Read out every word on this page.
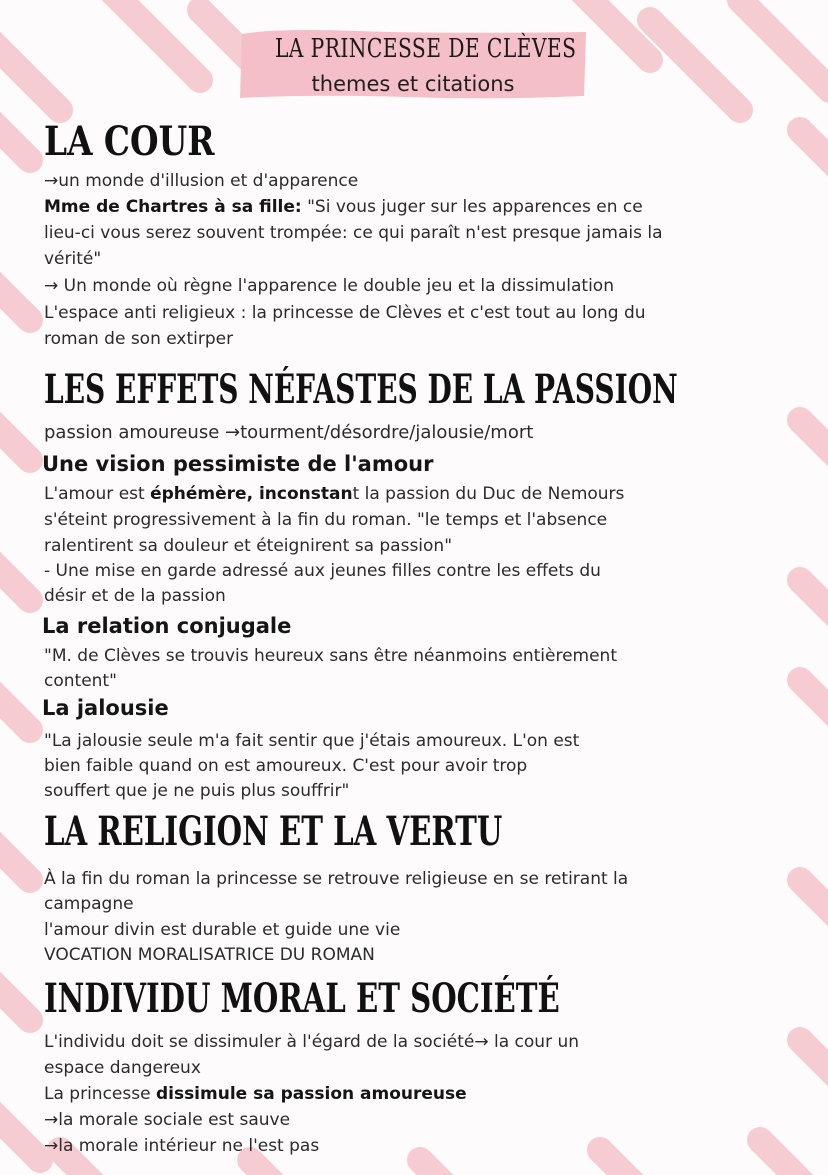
LA PRINCESSE DE CLÈVES
themes et citations
LA COUR
→un monde d'illusion et d'apparence
Mme de Chartres à sa fille: "Si vous juger sur les apparences en ce
lieu-ci vous serez souvent trompée: ce qui paraît n'est presque jamais la
vérité"
→ Un monde où règne l'apparence le double jeu et la dissimulation
L'espace anti religieux : la princesse de Clèves et c'est tout au long du
roman de son extirper
LES EFFETS NÉFASTES DE LA PASSION
passion amoureuse →tourment/désordre/jalousie/mort
Une vision pessimiste de l'amour
L'amour est éphémère, inconstant la passion du Duc de Nemours
s'éteint progressivement à la fin du roman. "le temps et l'absence
ralentirent sa douleur et éteignirent sa passion"
- Une mise en garde adressé aux jeunes filles contre les effets du
désir et de la passion
La relation conjugale
"M. de Clèves se trouvis heureux sans être néanmoins entièrement
content"
La jalousie
"La jalousie seule m'a fait sentir que j'étais amoureux. L'on est
bien faible quand on est amoureux. C'est pour avoir trop
souffert que je ne puis plus souffrir"
LA RELIGION ET LA VERTU
À la fin du roman la princesse se retrouve religieuse en se retirant la
campagne
l'amour divin est durable et guide une vie
VOCATION MORALISATRICE DU ROMAN
INDIVIDU MORAL ET SOCIÉTÉ
L'individu doit se dissimuler à l'égard de la société→ la cour un
espace dangereux
La princesse dissimule sa passion amoureuse
→la morale sociale est sauve
→la morale intérieur ne l'est pas
